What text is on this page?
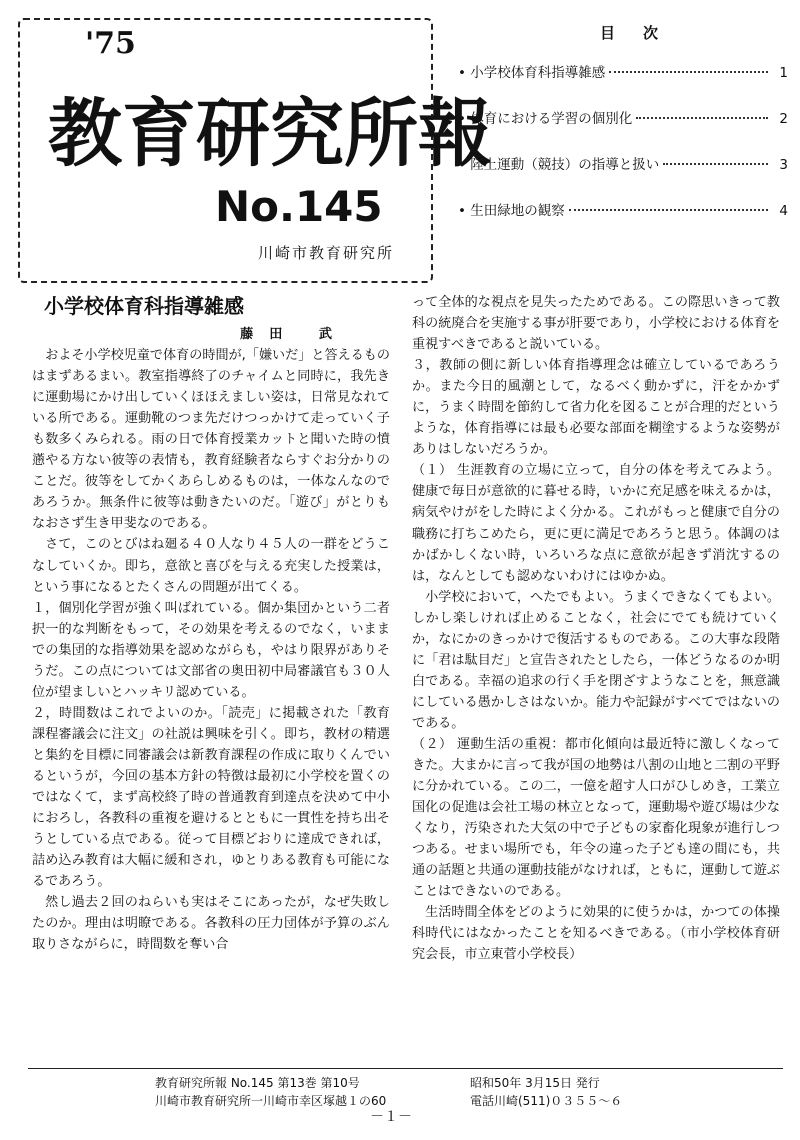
'75
教育研究所報
No.145
川崎市教育研究所
目次
• 小学校体育科指導雑感	1
• 体育における学習の個別化	2
• 陸上運動（競技）の指導と扱い	3
• 生田緑地の観察	4

小学校体育科指導雑感

藤田 武

およそ小学校児童で体育の時間が,「嫌いだ」と答えるものはまずあるまい。教室指導終了のチャイムと同時に，我先きに運動場にかけ出していくほほえましい姿は，日常見なれている所である。運動靴のつま先だけつっかけて走っていく子も数多くみられる。雨の日で体育授業カットと聞いた時の憤懣やる方ない彼等の表情も，教育経験者ならすぐお分かりのことだ。彼等をしてかくあらしめるものは，一体なんなのであろうか。無条件に彼等は動きたいのだ。「遊び」がとりもなおさず生き甲斐なのである。

さて，このとびはね廻る４０人なり４５人の一群をどうこなしていくか。即ち，意欲と喜びを与える充実した授業は，という事になるとたくさんの問題が出てくる。

１，個別化学習が強く叫ばれている。個か集団かという二者択一的な判断をもって，その効果を考えるのでなく，いままでの集団的な指導効果を認めながらも，やはり限界がありそうだ。この点については文部省の奥田初中局審議官も３０人位が望ましいとハッキリ認めている。

２，時間数はこれでよいのか。｢読売」に掲載された「教育課程審議会に注文」の社説は興味を引く。即ち，教材の精選と集約を目標に同審議会は新教育課程の作成に取りくんでいるというが，今回の基本方針の特徴は最初に小学校を置くのではなくて，まず高校終了時の普通教育到達点を決めて中小におろし，各教科の重複を避けるとともに一貫性を持ち出そうとしている点である。従って目標どおりに達成できれば，詰め込み教育は大幅に緩和され，ゆとりある教育も可能になるであろう。

然し過去２回のねらいも実はそこにあったが，なぜ失敗したのか。理由は明瞭である。各教科の圧力団体が予算のぶん取りさながらに，時間数を奪い合

って全体的な視点を見失ったためである。この際思いきって教科の統廃合を実施する事が肝要であり，小学校における体育を重視すべきであると説いている。

３，教師の側に新しい体育指導理念は確立しているであろうか。また今日的風潮として，なるべく動かずに，汗をかかずに，うまく時間を節約して省力化を図ることが合理的だというような，体育指導には最も必要な部面を糊塗するような姿勢がありはしないだろうか。

（１） 生涯教育の立場に立って，自分の体を考えてみよう。健康で毎日が意欲的に暮せる時，いかに充足感を味えるかは，病気やけがをした時によく分かる。これがもっと健康で自分の職務に打ちこめたら，更に更に満足であろうと思う。体調のはかばかしくない時，いろいろな点に意欲が起きず消沈するのは，なんとしても認めないわけにはゆかぬ。

小学校において，へたでもよい。うまくできなくてもよい。しかし楽しければ止めることなく，社会にでても続けていくか，なにかのきっかけで復活するものである。この大事な段階に「君は駄目だ」と宣告されたとしたら，一体どうなるのか明白である。幸福の追求の行く手を閉ざすようなことを，無意識にしている愚かしさはないか。能力や記録がすべてではないのである。

（２） 運動生活の重視：都市化傾向は最近特に激しくなってきた。大まかに言って我が国の地勢は八割の山地と二割の平野に分かれている。この二，一億を超す人口がひしめき，工業立国化の促進は会社工場の林立となって，運動場や遊び場は少なくなり，汚染された大気の中で子どもの家畜化現象が進行しつつある。せまい場所でも，年令の違った子ども達の間にも，共通の話題と共通の運動技能がなければ，ともに，運動して遊ぶことはできないのである。

生活時間全体をどのように効果的に使うかは，かつての体操科時代にはなかったことを知るべきである。（市小学校体育研究会長，市立東菅小学校長）

教育研究所報 No.145 第13巻 第10号
川崎市教育研究所一川崎市幸区塚越１の60
昭和50年 3月15日 発行
電話川崎(511)０３５５～６
－１－
